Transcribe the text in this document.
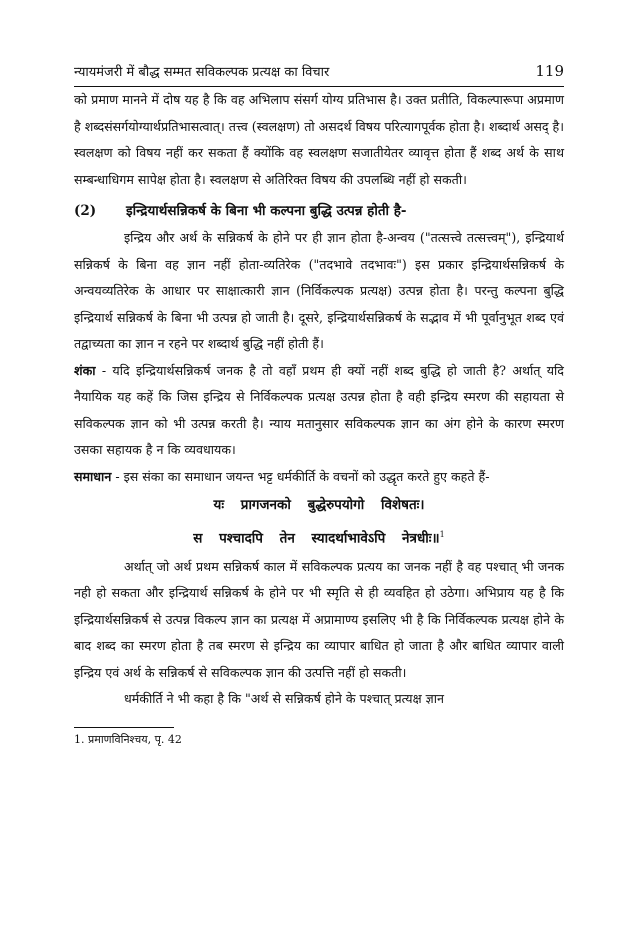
न्यायमंजरी में बौद्ध सम्मत सविकल्पक प्रत्यक्ष का विचार	119

को प्रमाण मानने में दोष यह है कि वह अभिलाप संसर्ग योग्य प्रतिभास है। उक्त प्रतीति, विकल्पारूपा अप्रमाण है शब्दसंसर्गयोग्यार्थप्रतिभासत्वात्। तत्त्व (स्वलक्षण) तो असदर्थ विषय परित्यागपूर्वक होता है। शब्दार्थ असद् है। स्वलक्षण को विषय नहीं कर सकता हैं क्योंकि वह स्वलक्षण सजातीयेतर व्यावृत्त होता हैं शब्द अर्थ के साथ सम्बन्धाधिगम सापेक्ष होता है। स्वलक्षण से अतिरिक्त विषय की उपलब्धि नहीं हो सकती।

(2) इन्द्रियार्थसन्निकर्ष के बिना भी कल्पना बुद्धि उत्पन्न होती है-

इन्द्रिय और अर्थ के सन्निकर्ष के होने पर ही ज्ञान होता है-अन्वय ("तत्सत्त्वे तत्सत्त्वम्"), इन्द्रियार्थ सन्निकर्ष के बिना वह ज्ञान नहीं होता-व्यतिरेक ("तदभावे तदभावः") इस प्रकार इन्द्रियार्थसन्निकर्ष के अन्वयव्यतिरेक के आधार पर साक्षात्कारी ज्ञान (निर्विकल्पक प्रत्यक्ष) उत्पन्न होता है। परन्तु कल्पना बुद्धि इन्द्रियार्थ सन्निकर्ष के बिना भी उत्पन्न हो जाती है। दूसरे, इन्द्रियार्थसन्निकर्ष के सद्भाव में भी पूर्वानुभूत शब्द एवं तद्वाच्यता का ज्ञान न रहने पर शब्दार्थ बुद्धि नहीं होती हैं।

शंका - यदि इन्द्रियार्थसन्निकर्ष जनक है तो वहाँ प्रथम ही क्यों नहीं शब्द बुद्धि हो जाती है? अर्थात् यदि नैयायिक यह कहें कि जिस इन्द्रिय से निर्विकल्पक प्रत्यक्ष उत्पन्न होता है वही इन्द्रिय स्मरण की सहायता से सविकल्पक ज्ञान को भी उत्पन्न करती है। न्याय मतानुसार सविकल्पक ज्ञान का अंग होने के कारण स्मरण उसका सहायक है न कि व्यवधायक।

समाधान - इस संका का समाधान जयन्त भट्ट धर्मकीर्ति के वचनों को उद्धृत करते हुए कहते हैं-

यः प्रागजनको बुद्धेरुपयोगो विशेषतः।
स पश्चादपि तेन स्यादर्थाभावेऽपि नेत्रधीः॥$^1$

अर्थात् जो अर्थ प्रथम सन्निकर्ष काल में सविकल्पक प्रत्यय का जनक नहीं है वह पश्चात् भी जनक नही हो सकता और इन्द्रियार्थ सन्निकर्ष के होने पर भी स्मृति से ही व्यवहित हो उठेगा। अभिप्राय यह है कि इन्द्रियार्थसन्निकर्ष से उत्पन्न विकल्प ज्ञान का प्रत्यक्ष में अप्रामाण्य इसलिए भी है कि निर्विकल्पक प्रत्यक्ष होने के बाद शब्द का स्मरण होता है तब स्मरण से इन्द्रिय का व्यापार बाधित हो जाता है और बाधित व्यापार वाली इन्द्रिय एवं अर्थ के सन्निकर्ष से सविकल्पक ज्ञान की उत्पत्ति नहीं हो सकती।

धर्मकीर्ति ने भी कहा है कि "अर्थ से सन्निकर्ष होने के पश्चात् प्रत्यक्ष ज्ञान

1. प्रमाणविनिश्चय, पृ. 42
